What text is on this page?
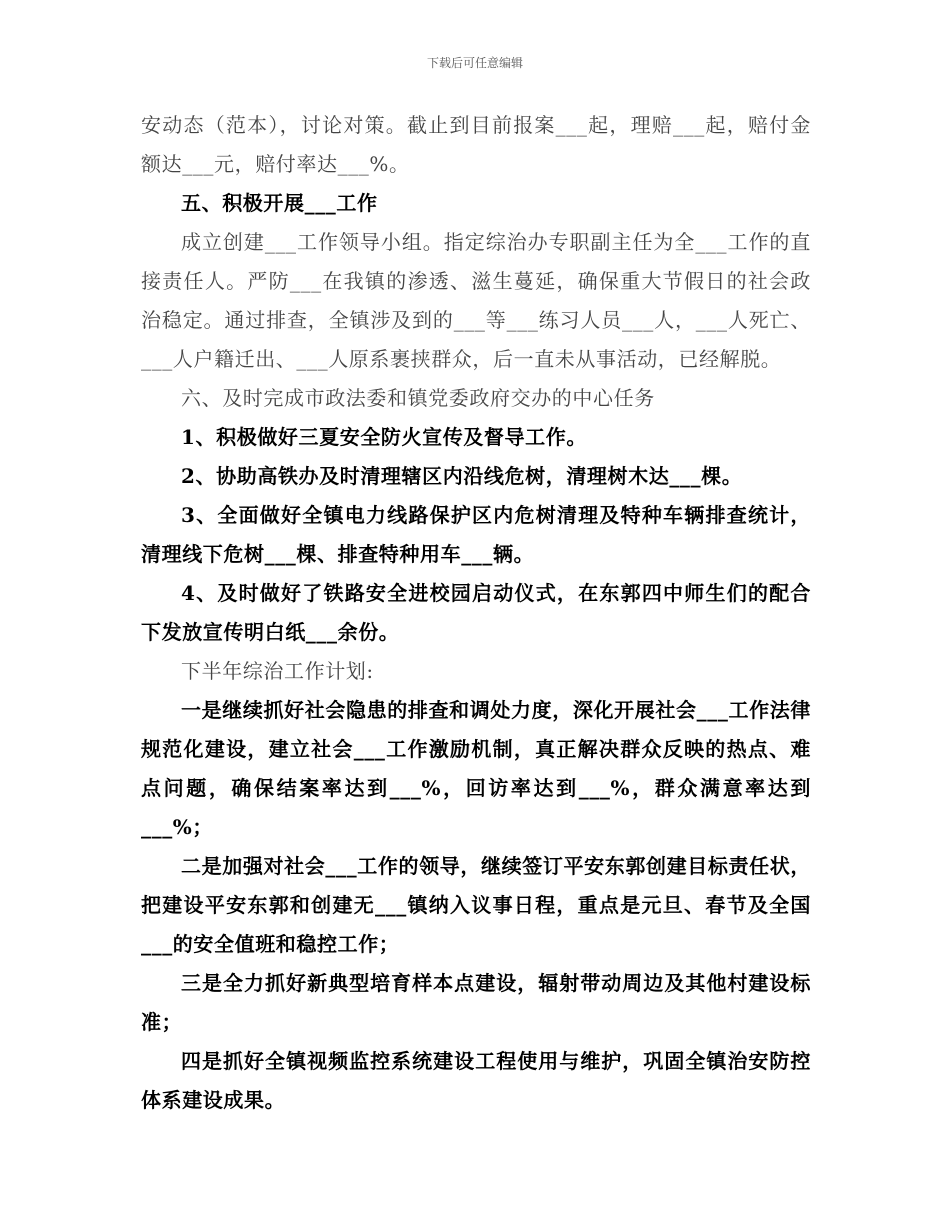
下载后可任意编辑

安动态（范本），讨论对策。截止到目前报案___起，理赔___起，赔付金额达___元，赔付率达___%。

五、积极开展___工作

成立创建___工作领导小组。指定综治办专职副主任为全___工作的直接责任人。严防___在我镇的渗透、滋生蔓延，确保重大节假日的社会政治稳定。通过排查，全镇涉及到的___等___练习人员___人，___人死亡、___人户籍迁出、___人原系裹挟群众，后一直未从事活动，已经解脱。

六、及时完成市政法委和镇党委政府交办的中心任务

1、积极做好三夏安全防火宣传及督导工作。

2、协助高铁办及时清理辖区内沿线危树，清理树木达___棵。

3、全面做好全镇电力线路保护区内危树清理及特种车辆排查统计，清理线下危树___棵、排查特种用车___辆。

4、及时做好了铁路安全进校园启动仪式，在东郭四中师生们的配合下发放宣传明白纸___余份。

下半年综治工作计划:

一是继续抓好社会隐患的排查和调处力度，深化开展社会___工作法律规范化建设，建立社会___工作激励机制，真正解决群众反映的热点、难点问题，确保结案率达到___%，回访率达到___%，群众满意率达到___%；

二是加强对社会___工作的领导，继续签订平安东郭创建目标责任状，把建设平安东郭和创建无___镇纳入议事日程，重点是元旦、春节及全国___的安全值班和稳控工作；

三是全力抓好新典型培育样本点建设，辐射带动周边及其他村建设标准；

四是抓好全镇视频监控系统建设工程使用与维护，巩固全镇治安防控体系建设成果。
